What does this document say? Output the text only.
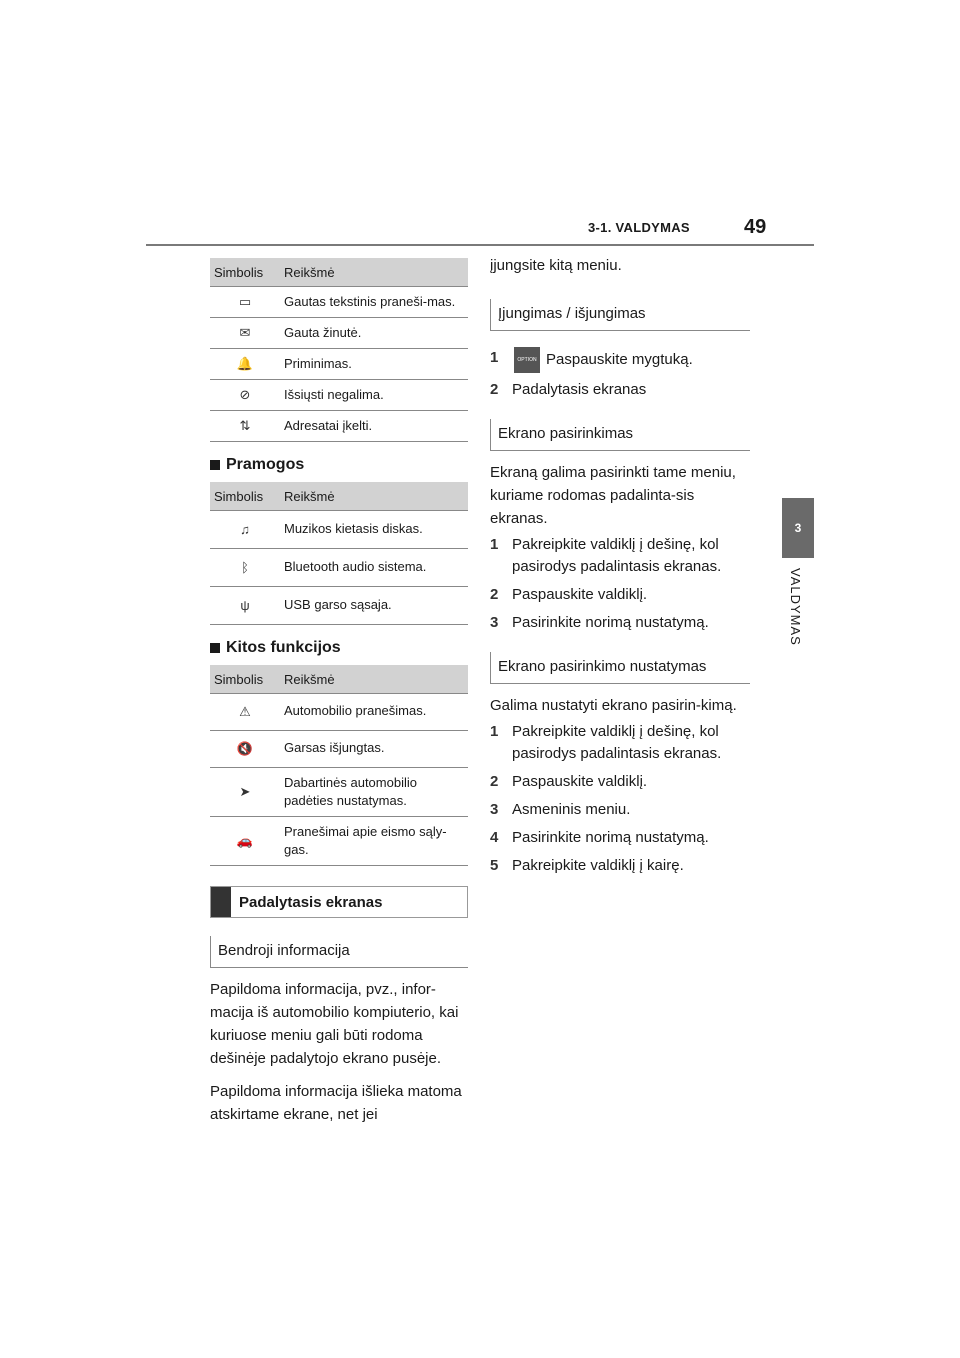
3-1. VALDYMAS	49
3
VALDYMAS
Simbolis	Reikšmė
▭	Gautas tekstinis praneši-mas.
✉	Gauta žinutė.
🔔	Priminimas.
⊘	Išsiųsti negalima.
⇅	Adresatai įkelti.
Pramogos
Simbolis	Reikšmė
♫	Muzikos kietasis diskas.
ᛒ	Bluetooth audio sistema.
ψ	USB garso sąsaja.
Kitos funkcijos
Simbolis	Reikšmė
⚠	Automobilio pranešimas.
🔇	Garsas išjungtas.
➤	Dabartinės automobilio padėties nustatymas.
🚗	Pranešimai apie eismo sąly-gas.
Padalytasis ekranas
Bendroji informacija

Papildoma informacija, pvz., infor-macija iš automobilio kompiuterio, kai kuriuose meniu gali būti rodoma dešinėje padalytojo ekrano pusėje.

Papildoma informacija išlieka matoma atskirtame ekrane, net jei

įjungsite kitą meniu.

Įjungimas / išjungimas
1	OPTION Paspauskite mygtuką.
2 Padalytasis ekranas
Ekrano pasirinkimas

Ekraną galima pasirinkti tame meniu, kuriame rodomas padalinta-sis ekranas.

1 Pakreipkite valdiklį į dešinę, kol pasirodys padalintasis ekranas.
2 Paspauskite valdiklį.
3 Pasirinkite norimą nustatymą.
Ekrano pasirinkimo nustatymas

Galima nustatyti ekrano pasirin-kimą.

1 Pakreipkite valdiklį į dešinę, kol pasirodys padalintasis ekranas.
2 Paspauskite valdiklį.
3 Asmeninis meniu.
4 Pasirinkite norimą nustatymą.
5 Pakreipkite valdiklį į kairę.
